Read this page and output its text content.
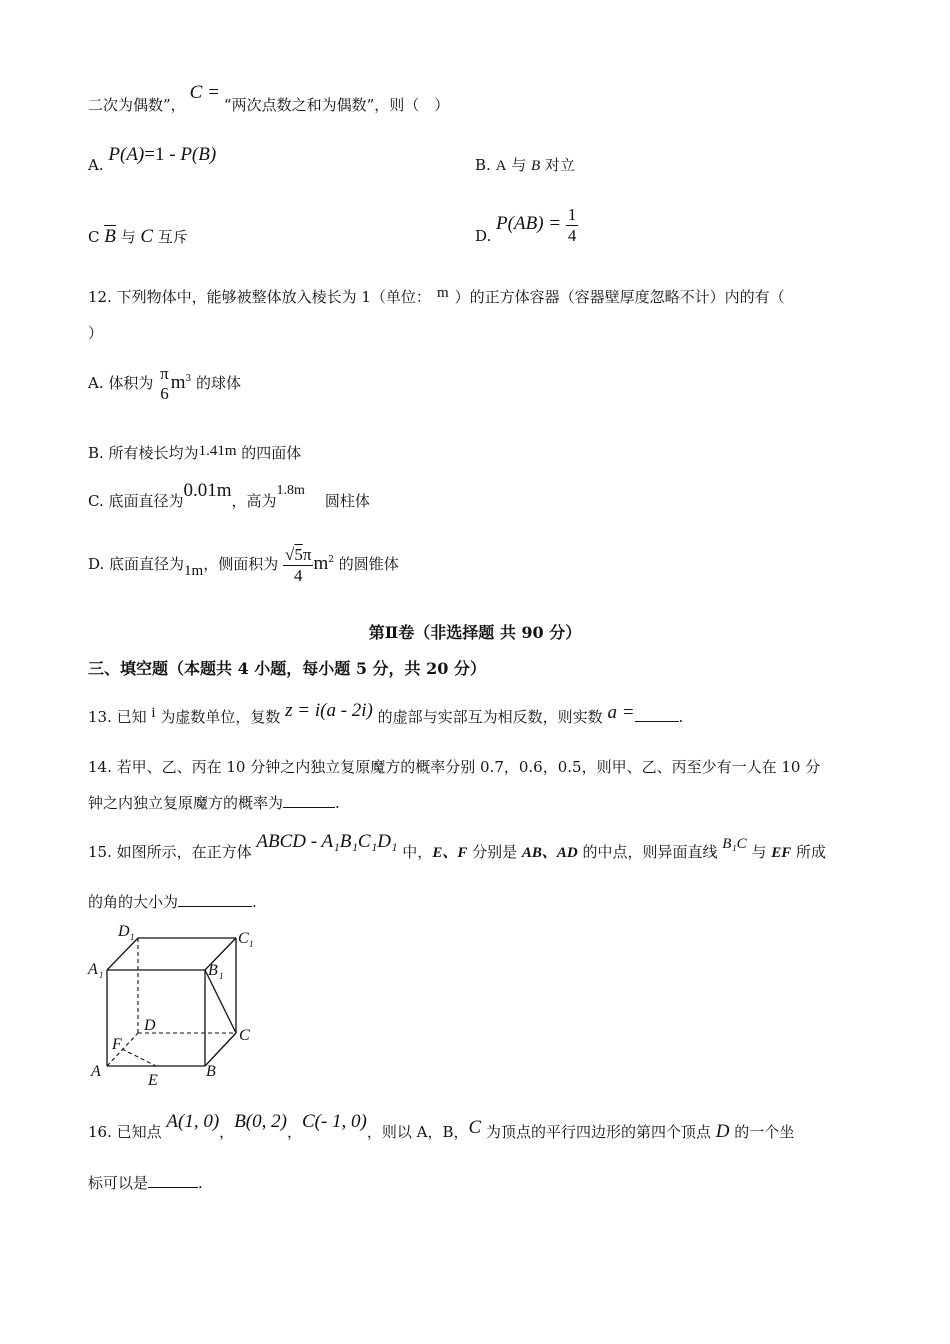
二次为偶数”，C =“两次点数之和为偶数”，则（　）
A. P(A)=1 - P(B)	B. A 与 B 对立
C $\overline{B}$ 与 C 互斥	D. $P(AB) = \frac{1}{4}$
12. 下列物体中，能够被整体放入棱长为 1（单位： m ）的正方体容器（容器壁厚度忽略不计）内的有（
）
A. 体积为 π
6
$m^3$ 的球体
B. 所有棱长均为1.41m 的四面体
C. 底面直径为0.01m，高为1.8m圆柱体
D. 底面直径为1m，侧面积为 $\frac{√5\pi}{4} m^2$ 的圆锥体
第Ⅱ卷（非选择题 共 90 分）
三、填空题（本题共 4 小题，每小题 5 分，共 20 分）
13. 已知 i 为虚数单位，复数 z = i(a - 2i) 的虚部与实部互为相反数，则实数 a =	.
14. 若甲、乙、丙在 10 分钟之内独立复原魔方的概率分别 0.7，0.6，0.5，则甲、乙、丙至少有一人在 10 分
钟之内独立复原魔方的概率为	.
15. 如图所示，在正方体 ABCD - A₁B₁C₁D₁ 中，E、F 分别是 AB、AD 的中点，则异面直线 B₁C 与 EF 所成
的角的大小为	.
D 1	C 1
A 1	B 1
D
F
C
A
E
B
16. 已知点 A(1, 0)，B(0, 2)，C(- 1, 0)，则以 A，B，C 为顶点的平行四边形的第四个顶点 D 的一个坐
标可以是	.
